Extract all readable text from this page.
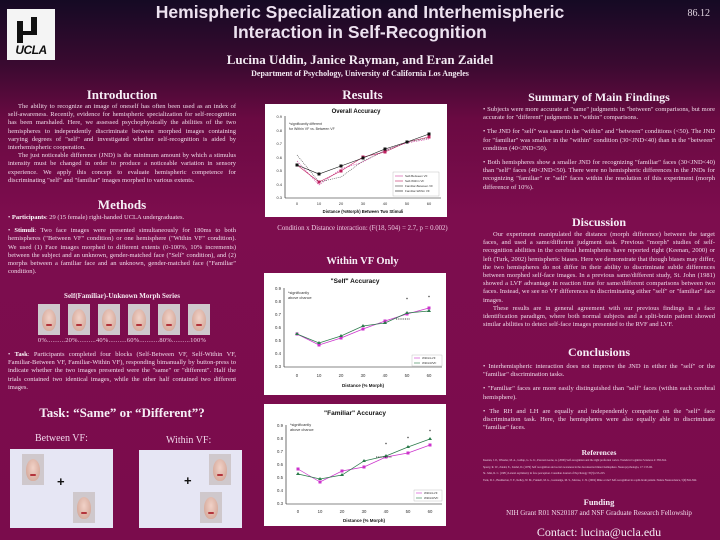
UCLA
Hemispheric Specialization and Interhemispheric
Interaction in Self-Recognition
86.12
Lucina Uddin, Janice Rayman, and Eran Zaidel
Department of Psychology, University of California Los Angeles
Introduction

The ability to recognize an image of oneself has often been used as an index of self-awareness. Recently, evidence for hemispheric specialization for self-recognition has been marshaled. Here, we assessed psychophysically the abilities of the two hemispheres to independently discriminate between morphed images containing varying degrees of "self" and investigated whether self-recognition is aided by interhemispheric cooperation.

The just noticeable difference (JND) is the minimum amount by which a stimulus intensity must be changed in order to produce a noticeable variation in sensory experience. We apply this concept to evaluate hemispheric competence for discriminating "self" and "familiar" images morphed to various extents.

Methods
• Participants: 29 (15 female) right-handed UCLA undergraduates.
• Stimuli: Two face images were presented simultaneously for 180ms to both hemispheres ("Between VF" condition) or one hemisphere ("Within VF" condition). We used (1) Face images morphed to different extents (0-100%, 10% increments) between the subject and an unknown, gender-matched face ("Self" condition), and (2) morphs between a familiar face and an unknown, gender-matched face ("Familiar" condition).
Self(Familiar)-Unknown Morph Series
0%..........20%..........40%..........60%...........80%..........100%
• Task: Participants completed four blocks (Self-Between VF, Self-Within VF, Familiar-Between VF, Familiar-Within VF), responding bimanually by button-press to indicate whether the two images presented were the "same" or "different". Half the trials contained two identical images, while the other half contained two different images.
Task: “Same” or “Different”?
Between VF:	Within VF:
+	+
Results
Overall Accuracy
*significantly different
for Within VF vs. Between VF
0.9
0.8
0.7
0.6
0.5
0.4
0.3
0	10	20	30	40	50	60
Distance (%Morph) Between Two Stimuli
Self-Between VF
Self-Within VF
Familiar-Between VF
Familiar-Within VF
Condition x Distance interaction: (F(18, 504) = 2.7, p = 0.002)
Within VF Only
"Self" Accuracy
*significantly
above chance
0.9
0.8
0.7
0.6
0.5
0.4
0.3
0	10	20	30	40	50	60
Distance (% Morph)
*	*
WithinLVF
WithinRVF
"Familiar" Accuracy
*significantly
above chance
0.9
0.8
0.7
0.6
0.5
0.4
0.3
0	10	20	30	40	50	60
Distance (% Morph)
*
*
*
WithinLVF
WithinRVF
Summary of Main Findings
• Subjects were more accurate at "same" judgments in "between" comparisons, but more accurate for "different" judgments in "within" comparisons.
• The JND for "self" was same in the "within" and "between" conditions (<50). The JND for "familiar" was smaller in the "within" condition (30<JND<40) than in the "between" condition (40<JND<50).
• Both hemispheres show a smaller JND for recognizing "familiar" faces (30<JND<40) than "self" faces (40<JND<50). There were no hemispheric differences in the JNDs for recognizing "familiar" or "self" faces within the resolution of this experiment (morph difference of 10%).
Discussion

Our experiment manipulated the distance (morph difference) between the target faces, and used a same/different judgment task. Previous "morph" studies of self-recognition abilities in the cerebral hemispheres have reported right (Keenan, 2000) or left (Turk, 2002) hemispheric biases. Here we demonstrate that though biases may differ, the two hemispheres do not differ in their ability to discriminate subtle differences between morphed self-face images. In a previous same/different study, St. John (1981) showed a LVF advantage in reaction time for same/different comparisons between two faces. Instead, we see no VF differences in discriminating either "self" or "familiar" face images.

These results are in general agreement with our previous findings in a face identification paradigm, where both normal subjects and a split-brain patient showed similar abilities to detect self-face images presented to the RVF and LVF.

Conclusions
• Interhemispheric interaction does not improve the JND in either the "self" or the "familiar" discrimination tasks.
• "Familiar" faces are more easily distinguished than "self" faces (within each cerebral hemisphere).
• The RH and LH are equally and independently competent on the "self" face discrimination task. Here, the hemispheres were also equally able to discriminate "familiar" faces.
References
Keenan, J. P., Wheeler, M. A., Gallup, G. G. Jr., Pascual-Leone, A. (2000) Self-recognition and the right prefrontal cortex. Trends in Cognitive Sciences 4: 338-344.
Sperry, R. W., Zaidel, E., Zaidel, D. (1979) Self recognition and social awareness in the deconnected minor hemisphere. Neuropsychologia, 17: 153-66.
St. John, R. C. (1981) Lateral asymmetry in face perception. Canadian Journal of Psychology 35(3):213-223.
Turk, D. J., Heatherton, T. F., Kelley, W. M., Funnell, M. G., Gazzaniga, M. S., Macrae, C. N. (2002) Mike or me? Self-recognition in a split-brain patient. Nature Neuroscience, 5(9):841-842.
Funding
NIH Grant R01 NS20187 and NSF Graduate Research Fellowship
Contact: lucina@ucla.edu
